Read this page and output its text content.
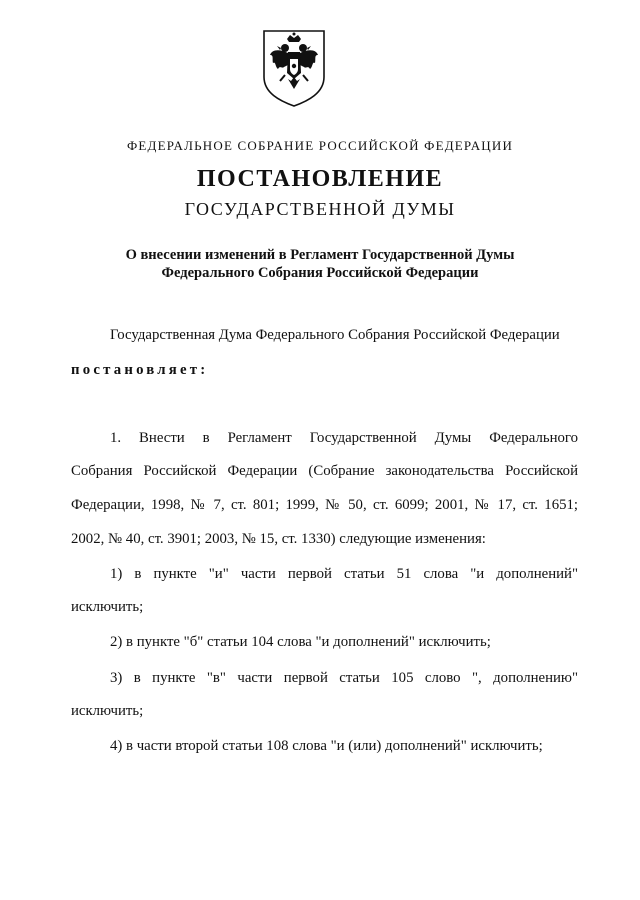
ФЕДЕРАЛЬНОЕ СОБРАНИЕ РОССИЙСКОЙ ФЕДЕРАЦИИ
ПОСТАНОВЛЕНИЕ
ГОСУДАРСТВЕННОЙ ДУМЫ
О внесении изменений в Регламент Государственной Думы
Федерального Собрания Российской Федерации
Государственная Дума Федерального Собрания Российской Федерации
постановляет:
1. Внести в Регламент Государственной Думы Федерального
Собрания Российской Федерации (Собрание законодательства Российской
Федерации, 1998, № 7, ст. 801; 1999, № 50, ст. 6099; 2001, № 17, ст. 1651;
2002, № 40, ст. 3901; 2003, № 15, ст. 1330) следующие изменения:
1) в пункте "и" части первой статьи 51 слова "и дополнений"
исключить;
2) в пункте "б" статьи 104 слова "и дополнений" исключить;
3) в пункте "в" части первой статьи 105 слово ", дополнению"
исключить;
4) в части второй статьи 108 слова "и (или) дополнений" исключить;
